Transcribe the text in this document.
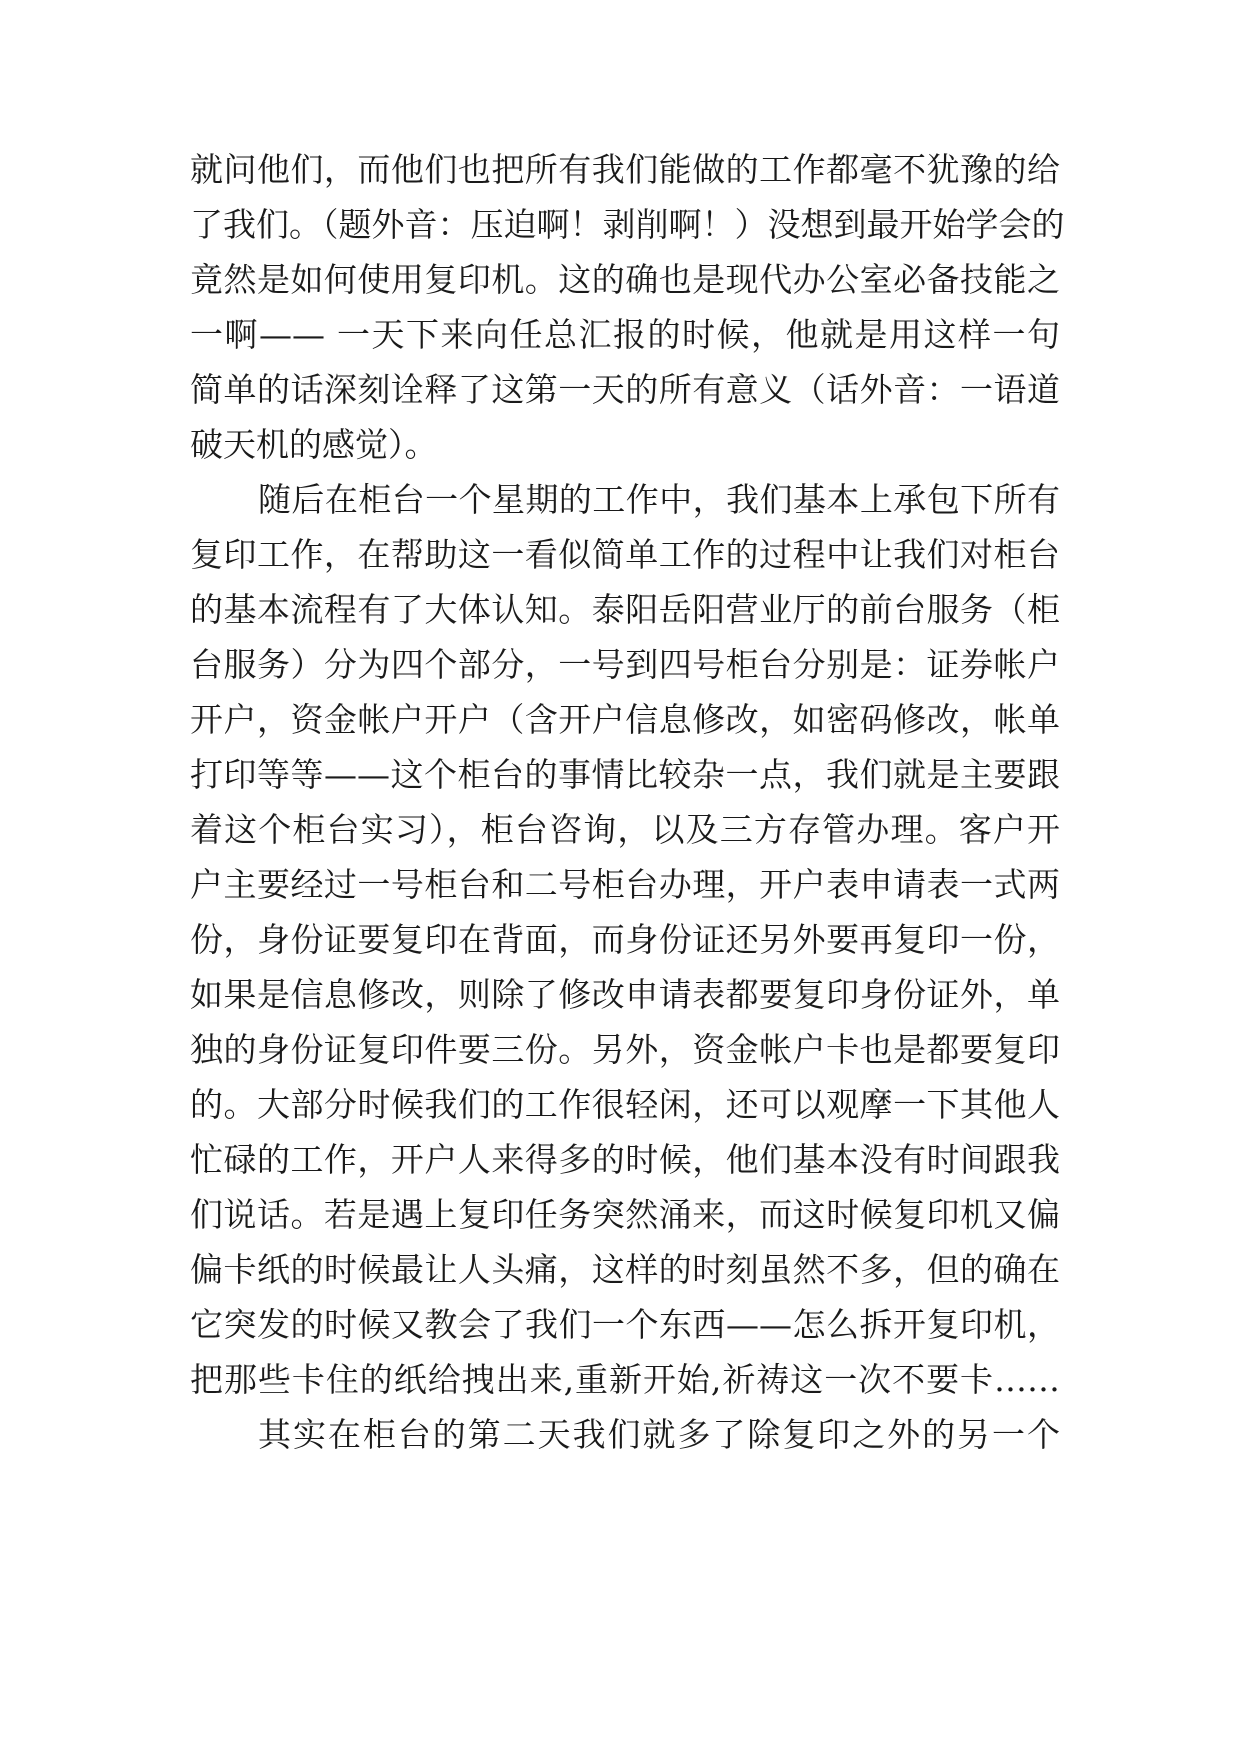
就问他们，而他们也把所有我们能做的工作都毫不犹豫的给
了我们。（题外音：压迫啊！剥削啊！）没想到最开始学会的
竟然是如何使用复印机。这的确也是现代办公室必备技能之
一啊—— 一天下来向任总汇报的时候，他就是用这样一句
简单的话深刻诠释了这第一天的所有意义（话外音：一语道
破天机的感觉）。
随后在柜台一个星期的工作中，我们基本上承包下所有
复印工作，在帮助这一看似简单工作的过程中让我们对柜台
的基本流程有了大体认知。泰阳岳阳营业厅的前台服务（柜
台服务）分为四个部分，一号到四号柜台分别是：证券帐户
开户，资金帐户开户（含开户信息修改，如密码修改，帐单
打印等等——这个柜台的事情比较杂一点，我们就是主要跟
着这个柜台实习），柜台咨询，以及三方存管办理。客户开
户主要经过一号柜台和二号柜台办理，开户表申请表一式两
份，身份证要复印在背面，而身份证还另外要再复印一份，
如果是信息修改，则除了修改申请表都要复印身份证外，单
独的身份证复印件要三份。另外，资金帐户卡也是都要复印
的。大部分时候我们的工作很轻闲，还可以观摩一下其他人
忙碌的工作，开户人来得多的时候，他们基本没有时间跟我
们说话。若是遇上复印任务突然涌来，而这时候复印机又偏
偏卡纸的时候最让人头痛，这样的时刻虽然不多，但的确在
它突发的时候又教会了我们一个东西——怎么拆开复印机，
把那些卡住的纸给拽出来,重新开始,祈祷这一次不要卡……
其实在柜台的第二天我们就多了除复印之外的另一个
